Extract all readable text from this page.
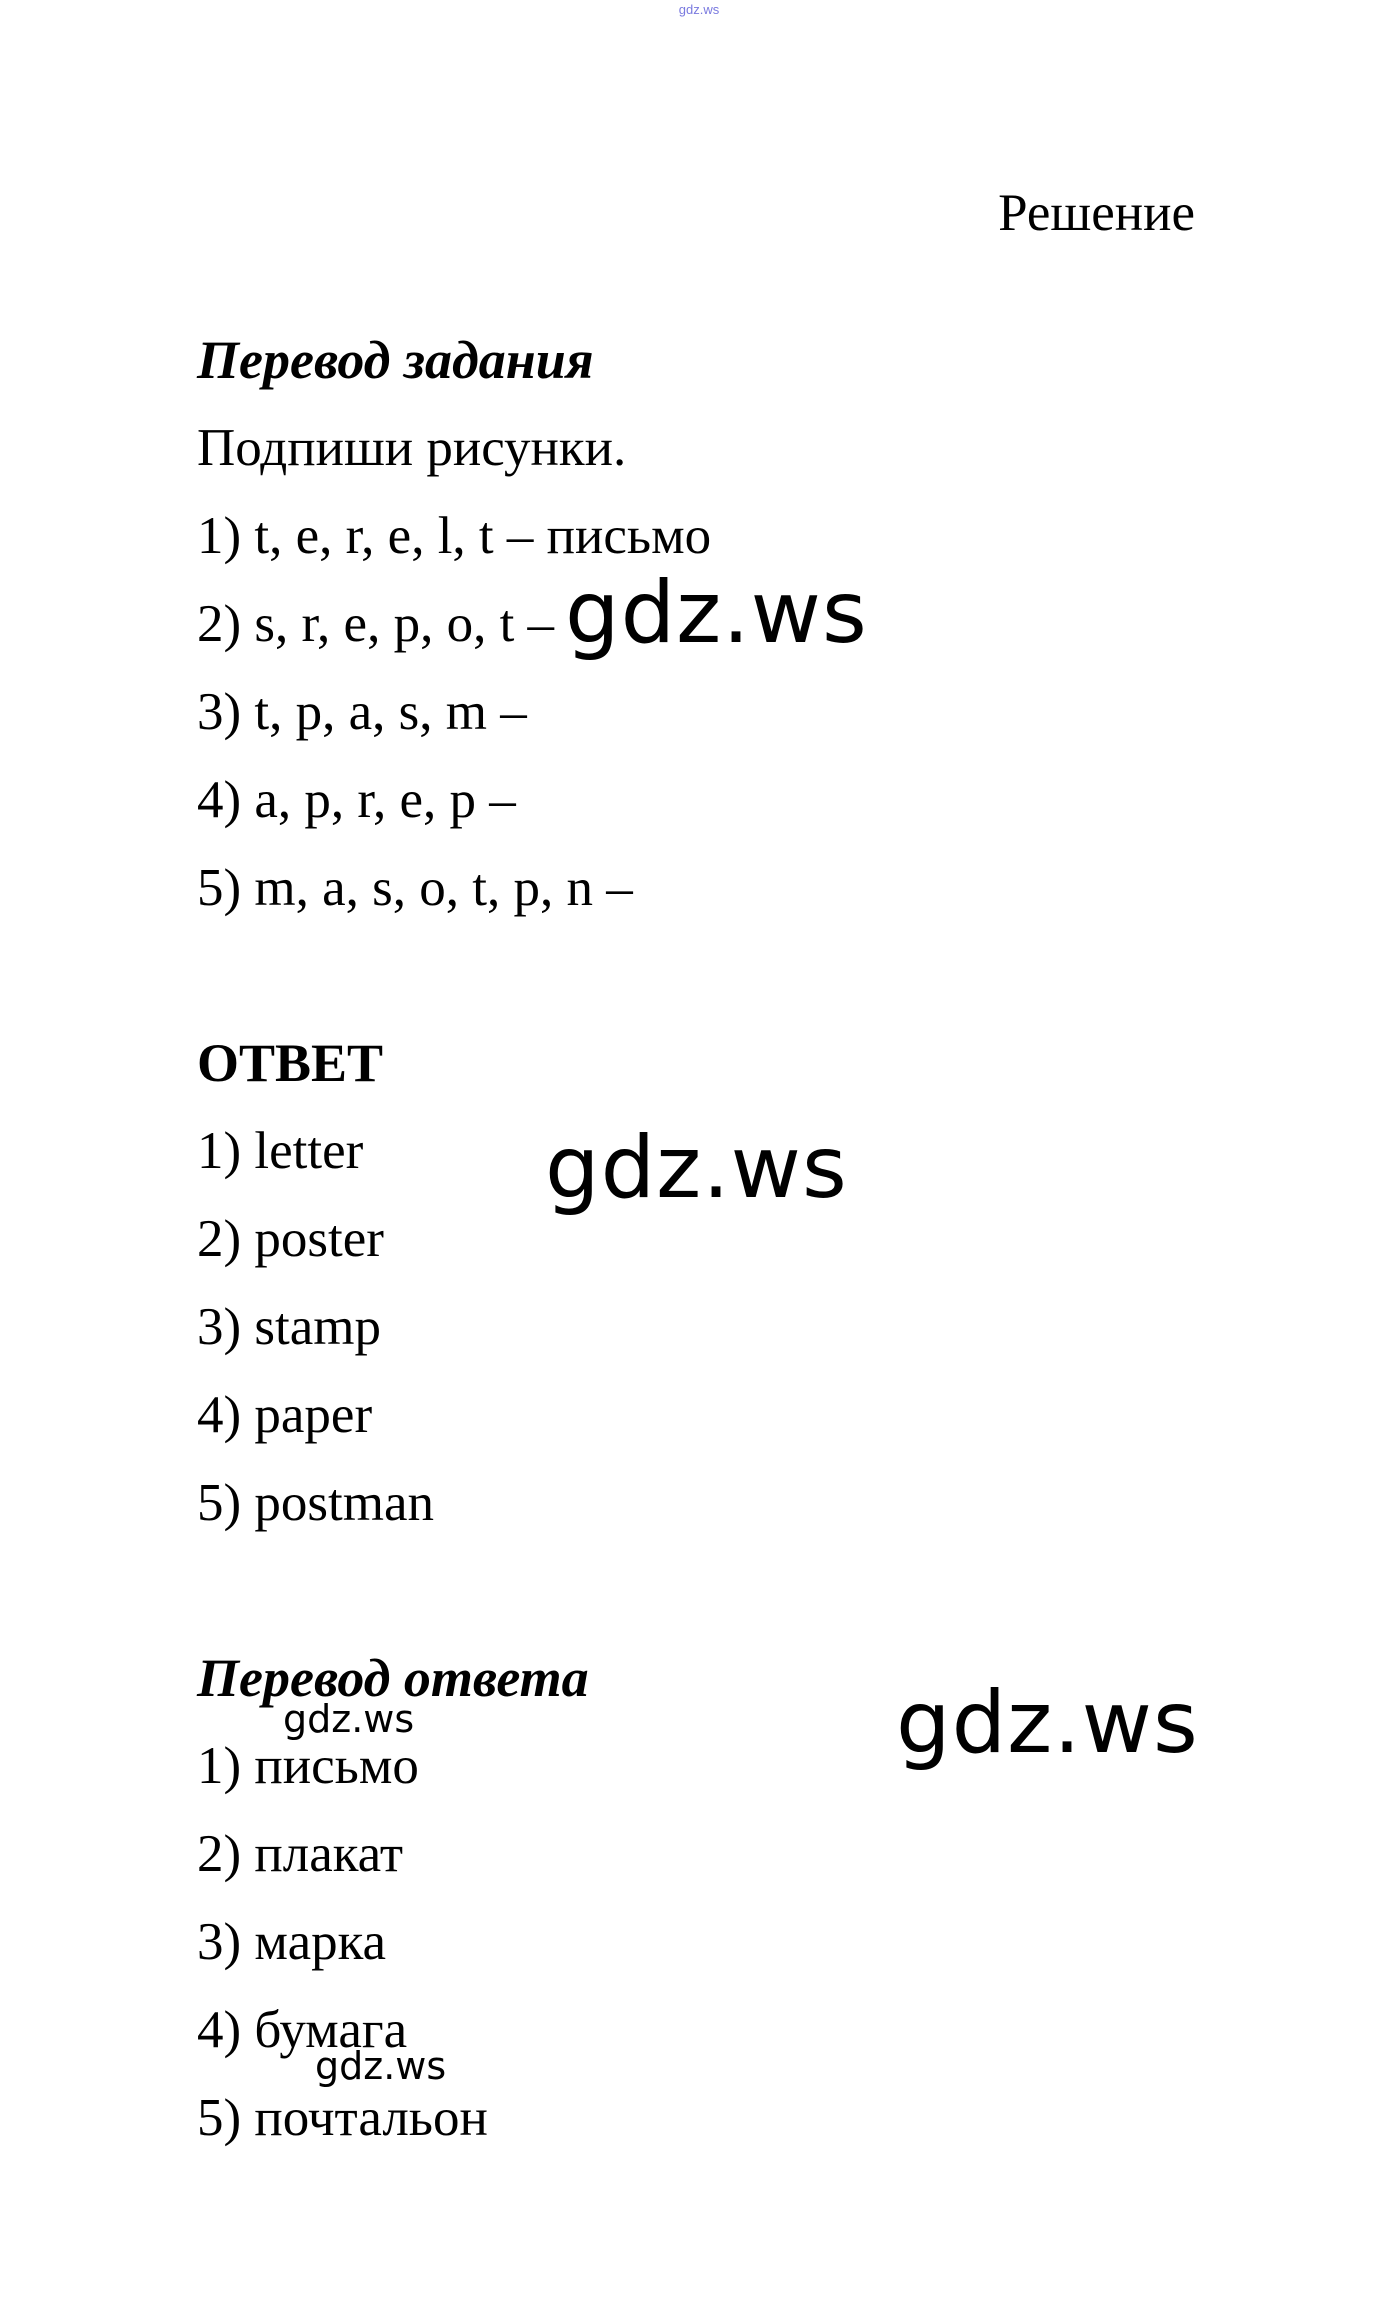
gdz.ws
Решение
Перевод задания
Подпиши рисунки.
1) t, e, r, e, l, t – письмо
2) s, r, e, p, o, t –
3) t, p, a, s, m –
4) a, p, r, e, p –
5) m, a, s, o, t, p, n –
ОТВЕТ
1) letter
2) poster
3) stamp
4) paper
5) postman
Перевод ответа
1) письмо
2) плакат
3) марка
4) бумага
5) почтальон
gdz.ws
gdz.ws
gdz.ws
gdz.ws
gdz.ws
